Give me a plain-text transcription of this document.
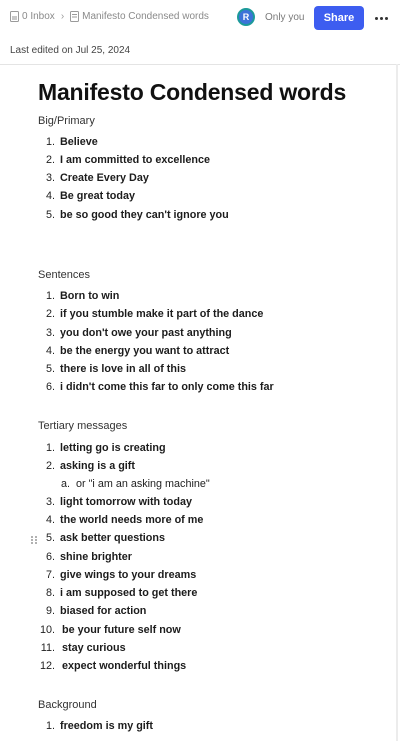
0 Inbox › Manifesto Condensed words	R	Only you	Share
Last edited on Jul 25, 2024
Manifesto Condensed words
Big/Primary
1. Believe
2. I am committed to excellence
3. Create Every Day
4. Be great today
5. be so good they can't ignore you
Sentences
1. Born to win
2. if you stumble make it part of the dance
3. you don't owe your past anything
4. be the energy you want to attract
5. there is love in all of this
6. i didn't come this far to only come this far
Tertiary messages
1. letting go is creating
2. asking is a gift
a. or "i am an asking machine"
3. light tomorrow with today
4. the world needs more of me
5. ask better questions
6. shine brighter
7. give wings to your dreams
8. i am supposed to get there
9. biased for action
10. be your future self now
11. stay curious
12. expect wonderful things
Background
1. freedom is my gift
